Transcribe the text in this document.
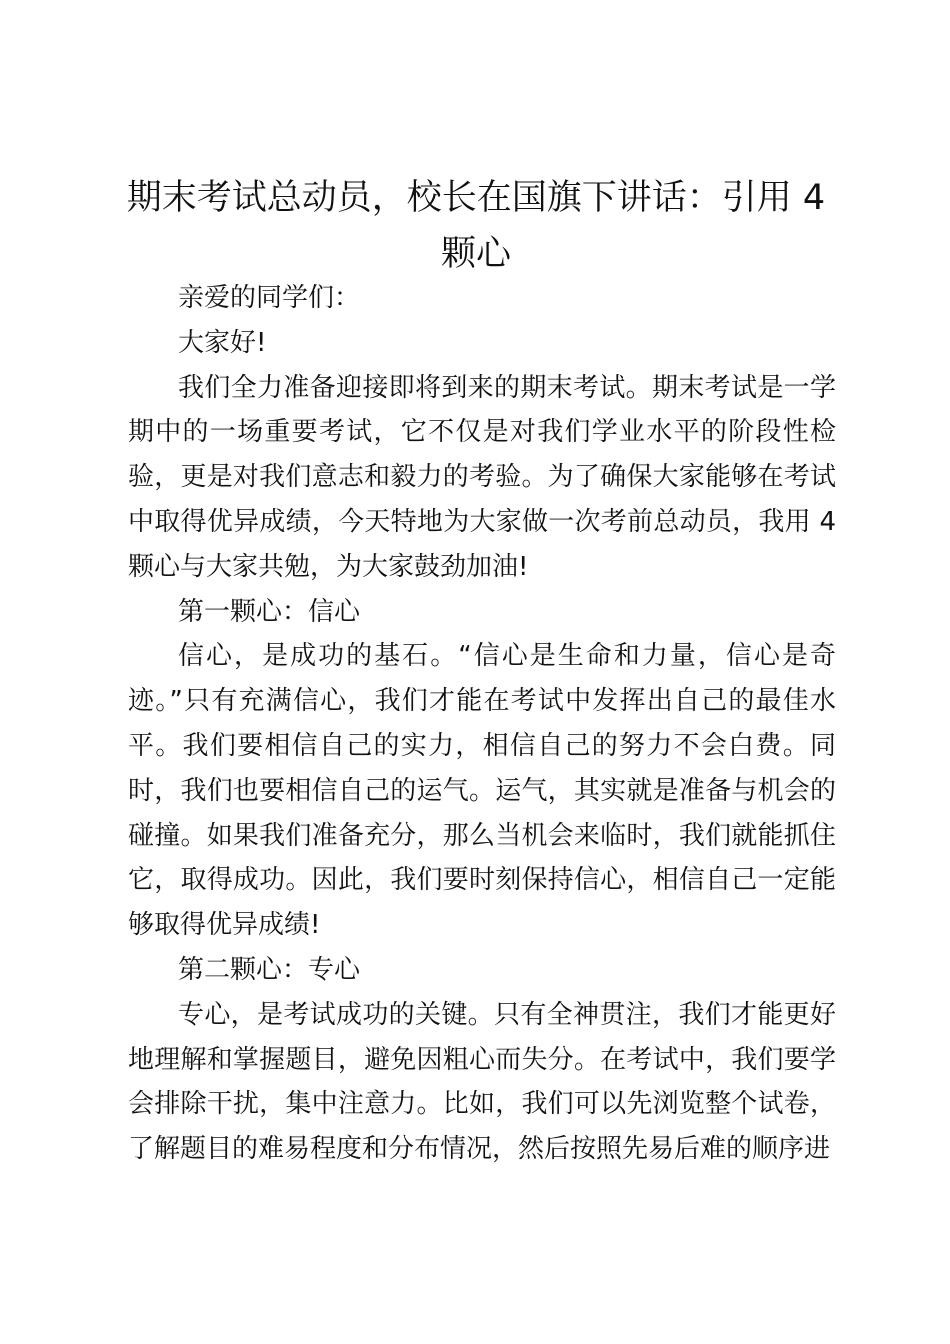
期末考试总动员，校长在国旗下讲话：引用 4 颗心

亲爱的同学们：

大家好!

我们全力准备迎接即将到来的期末考试。期末考试是一学期中的一场重要考试，它不仅是对我们学业水平的阶段性检验，更是对我们意志和毅力的考验。为了确保大家能够在考试中取得优异成绩，今天特地为大家做一次考前总动员，我用 4 颗心与大家共勉，为大家鼓劲加油!

第一颗心：信心

信心，是成功的基石。“信心是生命和力量，信心是奇迹。”只有充满信心，我们才能在考试中发挥出自己的最佳水平。我们要相信自己的实力，相信自己的努力不会白费。同时，我们也要相信自己的运气。运气，其实就是准备与机会的碰撞。如果我们准备充分，那么当机会来临时，我们就能抓住它，取得成功。因此，我们要时刻保持信心，相信自己一定能够取得优异成绩!

第二颗心：专心

专心，是考试成功的关键。只有全神贯注，我们才能更好地理解和掌握题目，避免因粗心而失分。在考试中，我们要学会排除干扰，集中注意力。比如，我们可以先浏览整个试卷，了解题目的难易程度和分布情况，然后按照先易后难的顺序进
